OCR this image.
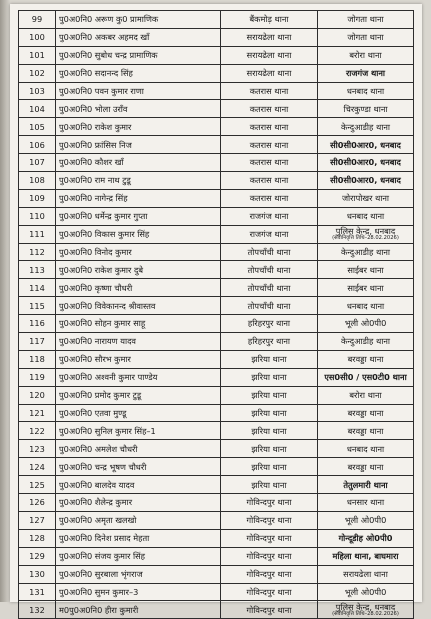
99	पु0अ0नि0 अरूण कु0 प्रामाणिक	बैंकमोड़ थाना	जोगता थाना
100	पु0अ0नि0 अकबर अहमद खाँ	सरायढेला थाना	जोगता थाना
101	पु0अ0नि0 सुबोध चन्द्र प्रामाणिक	सरायढेला थाना	बरोरा थाना
102	पु0अ0नि0 सदानन्द सिंह	सरायढेला थाना	राजगंज थाना
103	पु0अ0नि0 पवन कुमार राणा	कतरास थाना	धनबाद थाना
104	पु0अ0नि0 भोला उराँव	कतरास थाना	चिरकुण्डा थाना
105	पु0अ0नि0 राकेश कुमार	कतरास थाना	केन्दुआडीह थाना
106	पु0अ0नि0 फ्रांसिस निज	कतरास थाना	सी0सी0आर0, धनबाद
107	पु0अ0नि0 कौशर खाँ	कतरास थाना	सी0सी0आर0, धनबाद
108	पु0अ0नि0 राम नाथ टुडू	कतरास थाना	सी0सी0आर0, धनबाद
109	पु0अ0नि0 नागेन्द्र सिंह	कतरास थाना	जोरापोखर थाना
110	पु0अ0नि0 धर्मेन्द्र कुमार गुप्ता	राजगंज थाना	धनबाद थाना
111	पु0अ0नि0 विकास कुमार सिंह	राजगंज थाना	पुलिस केन्द्र, धनबाद
(सेवानिवृत्ति तिथि–28.02.2026)

112	पु0अ0नि0 विनोद कुमार	तोपचाँची थाना	केन्दुआडीह थाना
113	पु0अ0नि0 राकेश कुमार दुबे	तोपचाँची थाना	साईबर थाना
114	पु0अ0नि0 कृष्णा चौधरी	तोपचाँची थाना	साईबर थाना
115	पु0अ0नि0 विवेकानन्द श्रीवास्तव	तोपचाँची थाना	धनबाद थाना
116	पु0अ0नि0 सोहन कुमार साहू	हरिहरपुर थाना	भूली ओ0पी0
117	पु0अ0नि0 नारायण यादव	हरिहरपुर थाना	केन्दुआडीह थाना
118	पु0अ0नि0 सौरभ कुमार	झरिया थाना	बरवड्डा थाना
119	पु0अ0नि0 अश्वनी कुमार पाण्डेय	झरिया थाना	एस0सी0 / एस0टी0 थाना
120	पु0अ0नि0 प्रमोद कुमार टुडू	झरिया थाना	बरोरा थाना
121	पु0अ0नि0 एतवा मुण्डू	झरिया थाना	बरवड्डा थाना
122	पु0अ0नि0 सुनिल कुमार सिंह–1	झरिया थाना	बरवड्डा थाना
123	पु0अ0नि0 अमलेश चौधरी	झरिया थाना	धनबाद थाना
124	पु0अ0नि0 चन्द्र भूषण चौधरी	झरिया थाना	बरवड्डा थाना
125	पु0अ0नि0 बालदेव यादव	झरिया थाना	तेतुलमारी थाना
126	पु0अ0नि0 शैलेन्द्र कुमार	गोविन्दपुर थाना	धनसार थाना
127	पु0अ0नि0 अमृता खलखो	गोविन्दपुर थाना	भूली ओ0पी0
128	पु0अ0नि0 दिनेश प्रसाद मेहता	गोविन्दपुर थाना	गोन्दूडीह ओ0पी0
129	पु0अ0नि0 संजय कुमार सिंह	गोविन्दपुर थाना	महिला थाना, बाघमारा
130	पु0अ0नि0 सुरबाला भृंगराज	गोविन्दपुर थाना	सरायढेला थाना
131	पु0अ0नि0 सुमन कुमार–3	गोविन्दपुर थाना	भूली ओ0पी0
132	म0पु0अ0नि0 हीरा कुमारी	गोविन्दपुर थाना	पुलिस केन्द्र, धनबाद
(सेवानिवृत्ति तिथि–28.02.2026)
